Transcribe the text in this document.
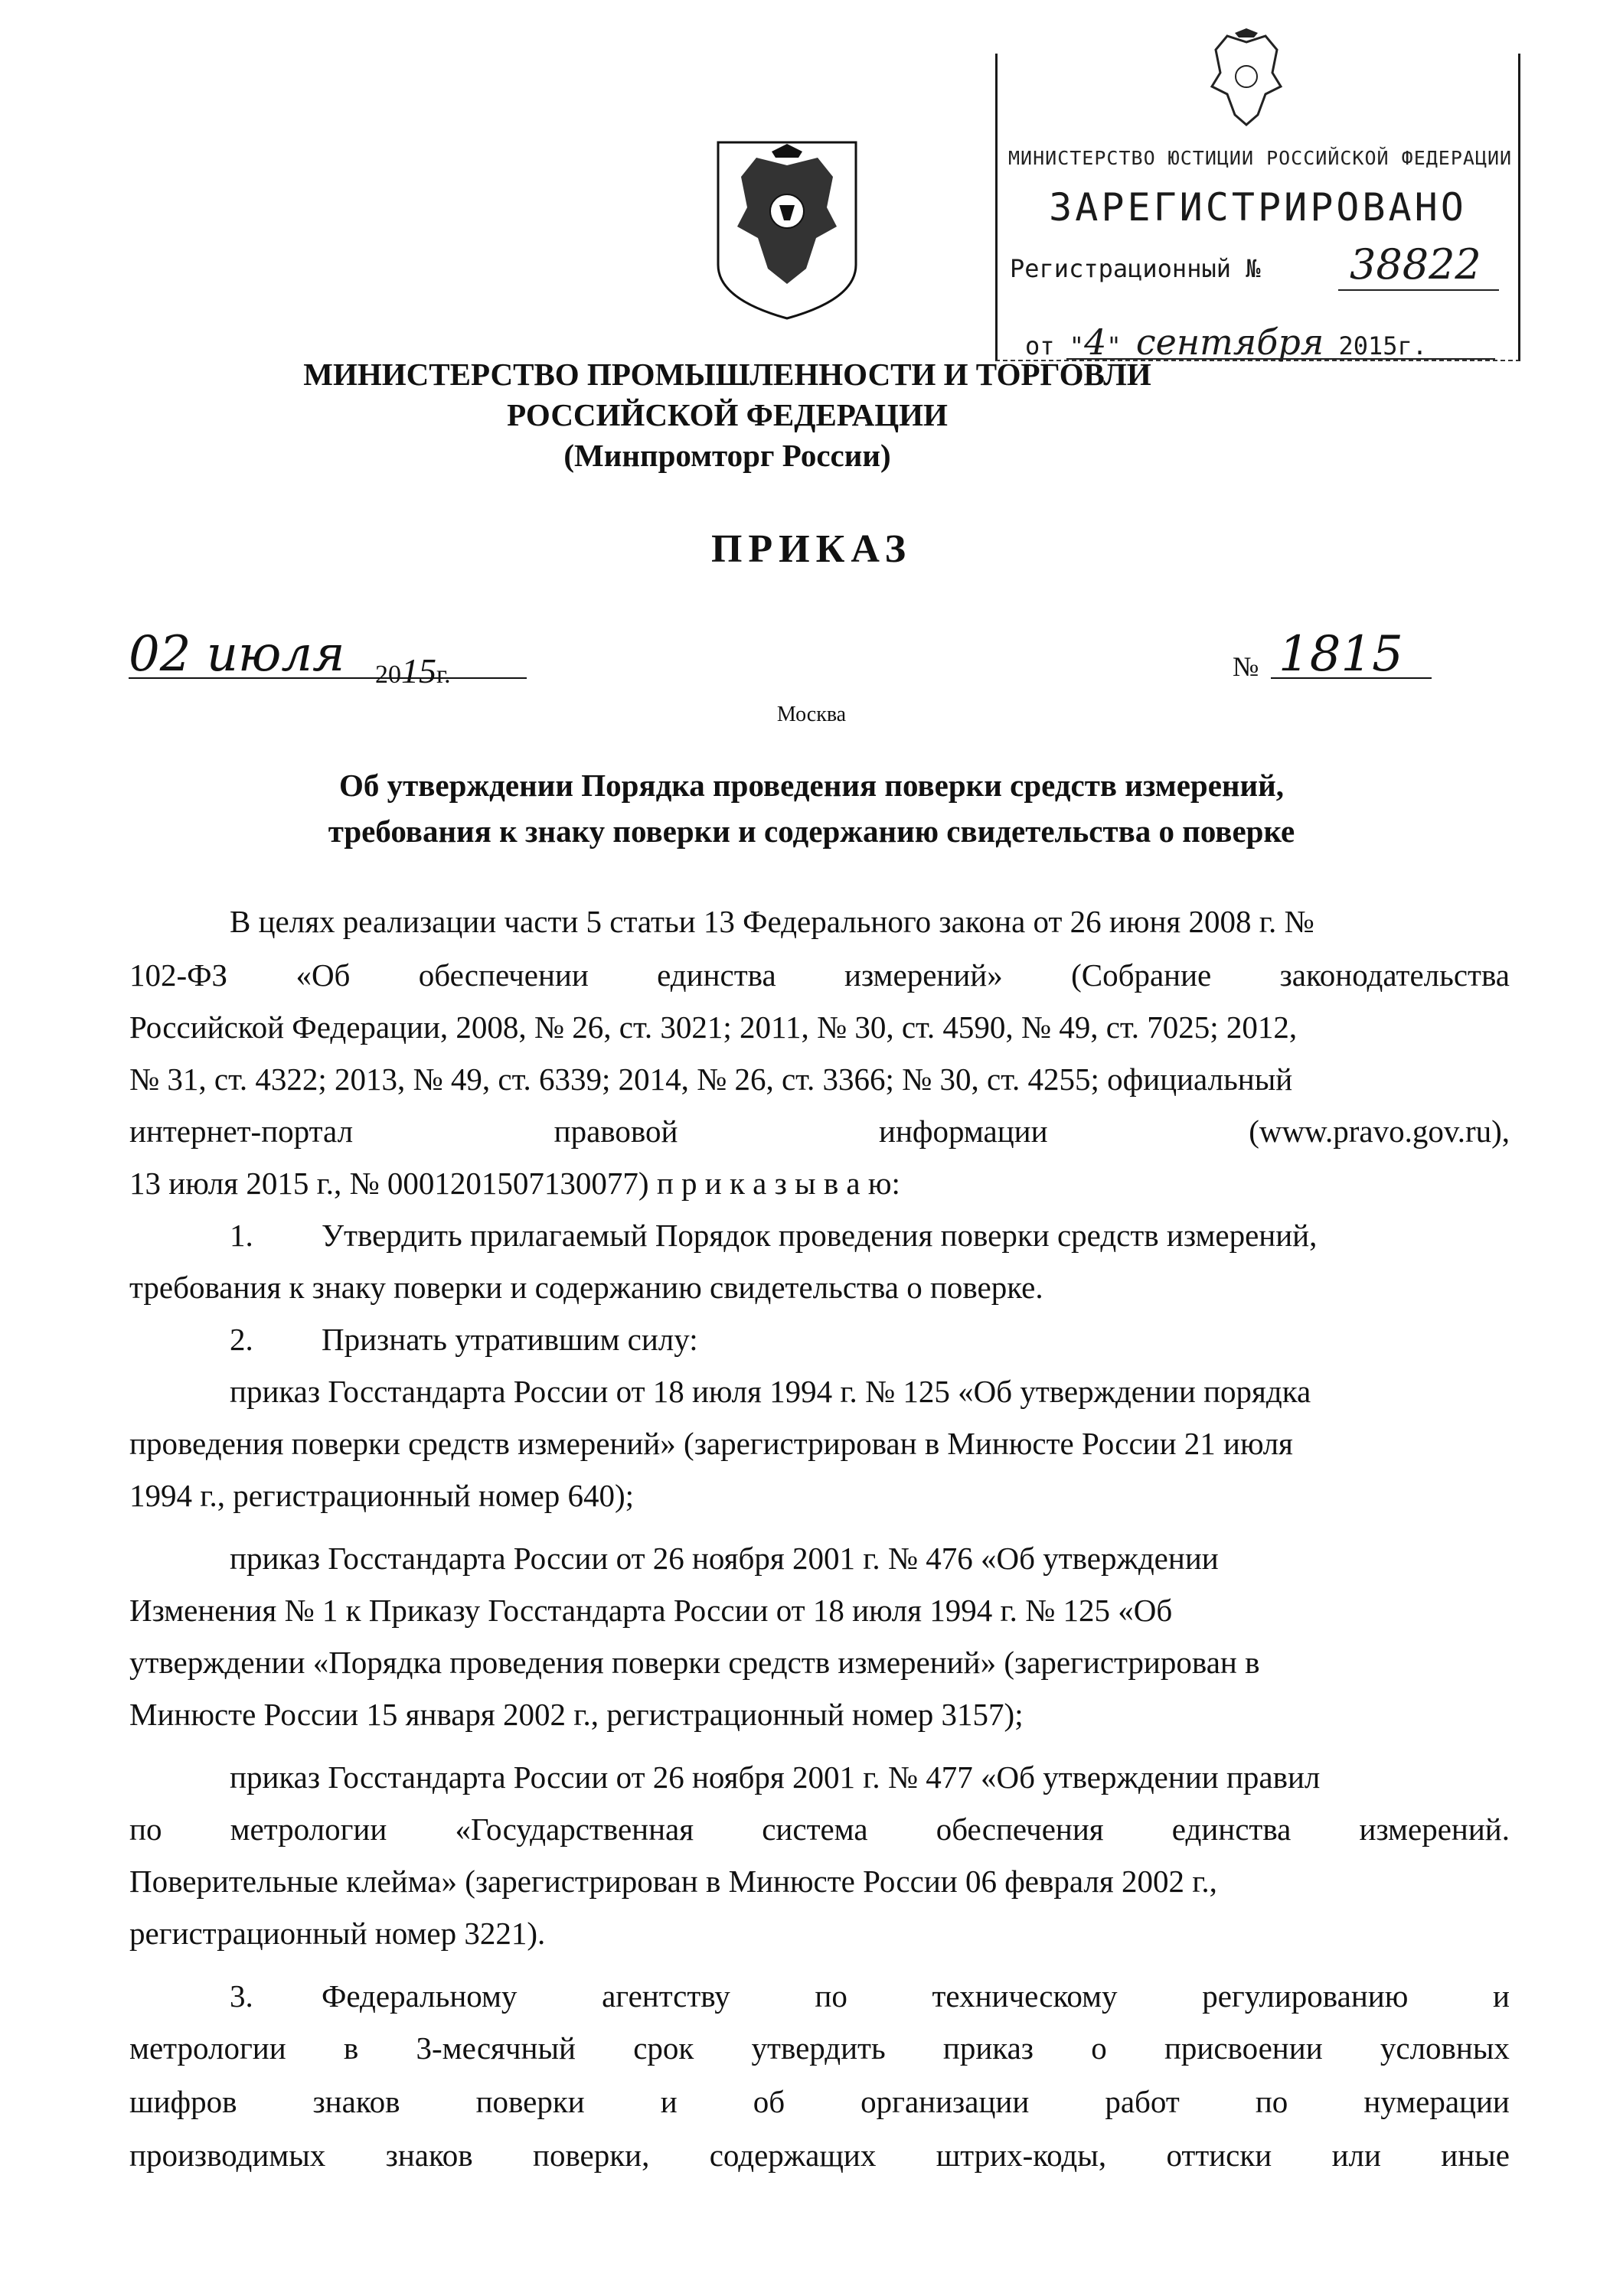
МИНИСТЕРСТВО ЮСТИЦИИ РОССИЙСКОЙ ФЕДЕРАЦИИ
ЗАРЕГИСТРИРОВАНО
Регистрационный № 38822
от "4" сентября 2015г.
МИНИСТЕРСТВО ПРОМЫШЛЕННОСТИ И ТОРГОВЛИ
РОССИЙСКОЙ ФЕДЕРАЦИИ
(Минпромторг России)
ПРИКАЗ
02 июля 2015г.	№ 1815
Москва
Об утверждении Порядка проведения поверки средств измерений,
требования к знаку поверки и содержанию свидетельства о поверке
В целях реализации части 5 статьи 13 Федерального закона от 26 июня 2008 г. №
102-ФЗ «Об обеспечении единства измерений» (Собрание законодательства
Российской Федерации, 2008, № 26, ст. 3021; 2011, № 30, ст. 4590, № 49, ст. 7025; 2012,
№ 31, ст. 4322; 2013, № 49, ст. 6339; 2014, № 26, ст. 3366; № 30, ст. 4255; официальный
интернет-портал	правовой	информации	(www.pravo.gov.ru),
13 июля 2015 г., № 0001201507130077) п р и к а з ы в а ю:
1. Утвердить прилагаемый Порядок проведения поверки средств измерений,
требования к знаку поверки и содержанию свидетельства о поверке.
2. Признать утратившим силу:
приказ Госстандарта России от 18 июля 1994 г. № 125 «Об утверждении порядка
проведения поверки средств измерений» (зарегистрирован в Минюсте России 21 июля
1994 г., регистрационный номер 640);
приказ Госстандарта России от 26 ноября 2001 г. № 476 «Об утверждении
Изменения № 1 к Приказу Госстандарта России от 18 июля 1994 г. № 125 «Об
утверждении «Порядка проведения поверки средств измерений» (зарегистрирован в
Минюсте России 15 января 2002 г., регистрационный номер 3157);
приказ Госстандарта России от 26 ноября 2001 г. № 477 «Об утверждении правил
по метрологии «Государственная система обеспечения единства измерений.
Поверительные клейма» (зарегистрирован в Минюсте России 06 февраля 2002 г.,
регистрационный номер 3221).
3. Федеральному	агентству	по	техническому	регулированию	и
метрологии в 3-месячный срок утвердить приказ о присвоении условных
шифров знаков поверки и об организации работ по нумерации
производимых знаков поверки, содержащих штрих-коды, оттиски или иные
